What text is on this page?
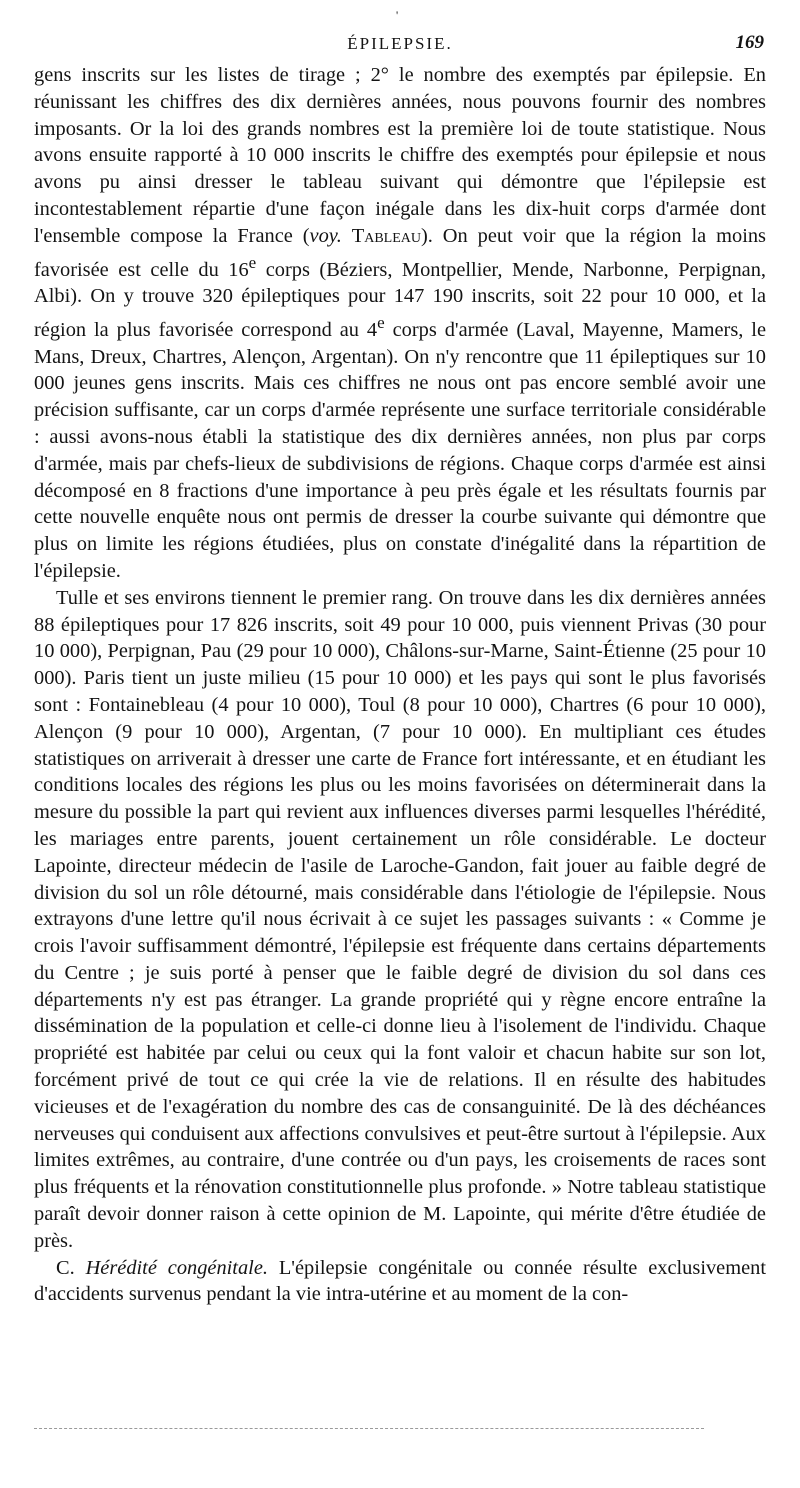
'
ÉPILEPSIE.	169

gens inscrits sur les listes de tirage ; 2° le nombre des exemptés par épilepsie. En réunissant les chiffres des dix dernières années, nous pouvons fournir des nombres imposants. Or la loi des grands nombres est la première loi de toute statistique. Nous avons ensuite rapporté à 10 000 inscrits le chiffre des exemptés pour épilepsie et nous avons pu ainsi dresser le tableau suivant qui démontre que l'épilepsie est incontestablement répartie d'une façon inégale dans les dix-huit corps d'armée dont l'ensemble compose la France (voy. Tableau). On peut voir que la région la moins favorisée est celle du 16e corps (Béziers, Montpellier, Mende, Narbonne, Perpignan, Albi). On y trouve 320 épileptiques pour 147 190 inscrits, soit 22 pour 10 000, et la région la plus favorisée correspond au 4e corps d'armée (Laval, Mayenne, Mamers, le Mans, Dreux, Chartres, Alençon, Argentan). On n'y rencontre que 11 épileptiques sur 10 000 jeunes gens inscrits. Mais ces chiffres ne nous ont pas encore semblé avoir une précision suffisante, car un corps d'armée représente une surface territoriale considérable : aussi avons-nous établi la statistique des dix dernières années, non plus par corps d'armée, mais par chefs-lieux de subdivisions de régions. Chaque corps d'armée est ainsi décomposé en 8 fractions d'une importance à peu près égale et les résultats fournis par cette nouvelle enquête nous ont permis de dresser la courbe suivante qui démontre que plus on limite les régions étudiées, plus on constate d'inégalité dans la répartition de l'épilepsie.

Tulle et ses environs tiennent le premier rang. On trouve dans les dix dernières années 88 épileptiques pour 17 826 inscrits, soit 49 pour 10 000, puis viennent Privas (30 pour 10 000), Perpignan, Pau (29 pour 10 000), Châlons-sur-Marne, Saint-Étienne (25 pour 10 000). Paris tient un juste milieu (15 pour 10 000) et les pays qui sont le plus favorisés sont : Fontainebleau (4 pour 10 000), Toul (8 pour 10 000), Chartres (6 pour 10 000), Alençon (9 pour 10 000), Argentan, (7 pour 10 000). En multipliant ces études statistiques on arriverait à dresser une carte de France fort intéressante, et en étudiant les conditions locales des régions les plus ou les moins favorisées on déterminerait dans la mesure du possible la part qui revient aux influences diverses parmi lesquelles l'hérédité, les mariages entre parents, jouent certainement un rôle considérable. Le docteur Lapointe, directeur médecin de l'asile de Laroche-Gandon, fait jouer au faible degré de division du sol un rôle détourné, mais considérable dans l'étiologie de l'épilepsie. Nous extrayons d'une lettre qu'il nous écrivait à ce sujet les passages suivants : « Comme je crois l'avoir suffisamment démontré, l'épilepsie est fréquente dans certains départements du Centre ; je suis porté à penser que le faible degré de division du sol dans ces départements n'y est pas étranger. La grande propriété qui y règne encore entraîne la dissémination de la population et celle-ci donne lieu à l'isolement de l'individu. Chaque propriété est habitée par celui ou ceux qui la font valoir et chacun habite sur son lot, forcément privé de tout ce qui crée la vie de relations. Il en résulte des habitudes vicieuses et de l'exagération du nombre des cas de consanguinité. De là des déchéances nerveuses qui conduisent aux affections convulsives et peut-être surtout à l'épilepsie. Aux limites extrêmes, au contraire, d'une contrée ou d'un pays, les croisements de races sont plus fréquents et la rénovation constitutionnelle plus profonde. » Notre tableau statistique paraît devoir donner raison à cette opinion de M. Lapointe, qui mérite d'être étudiée de près.

C. Hérédité congénitale. L'épilepsie congénitale ou connée résulte exclusivement d'accidents survenus pendant la vie intra-utérine et au moment de la con-
